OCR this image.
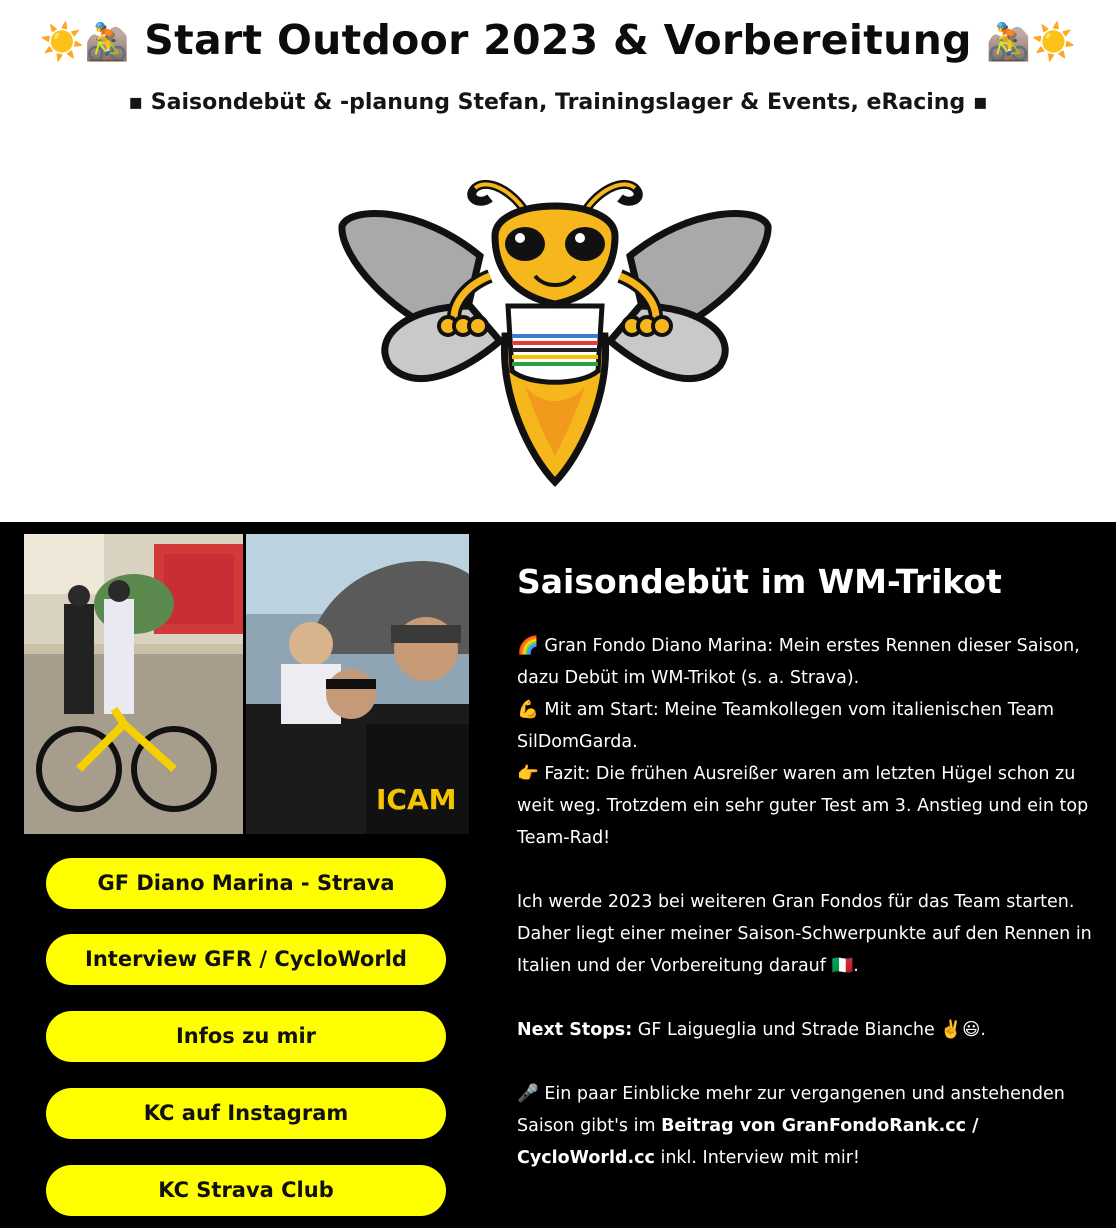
☀️🚵 Start Outdoor 2023 & Vorbereitung 🚵☀️
▪ Saisondebüt & -planung Stefan, Trainingslager & Events, eRacing ▪
ICAM
GF Diano Marina - Strava
Interview GFR / CycloWorld
Infos zu mir
KC auf Instagram
KC Strava Club
Saisondebüt im WM-Trikot

🌈 Gran Fondo Diano Marina: Mein erstes Rennen dieser Saison, dazu Debüt im WM-Trikot (s. a. Strava).

💪 Mit am Start: Meine Teamkollegen vom italienischen Team SilDomGarda.

👉 Fazit: Die frühen Ausreißer waren am letzten Hügel schon zu weit weg. Trotzdem ein sehr guter Test am 3. Anstieg und ein top Team-Rad!

Ich werde 2023 bei weiteren Gran Fondos für das Team starten. Daher liegt einer meiner Saison-Schwerpunkte auf den Rennen in Italien und der Vorbereitung darauf 🇮🇹.

Next Stops: GF Laigueglia und Strade Bianche ✌️😃.

🎤 Ein paar Einblicke mehr zur vergangenen und anstehenden Saison gibt's im Beitrag von GranFondoRank.cc / CycloWorld.cc inkl. Interview mit mir!
